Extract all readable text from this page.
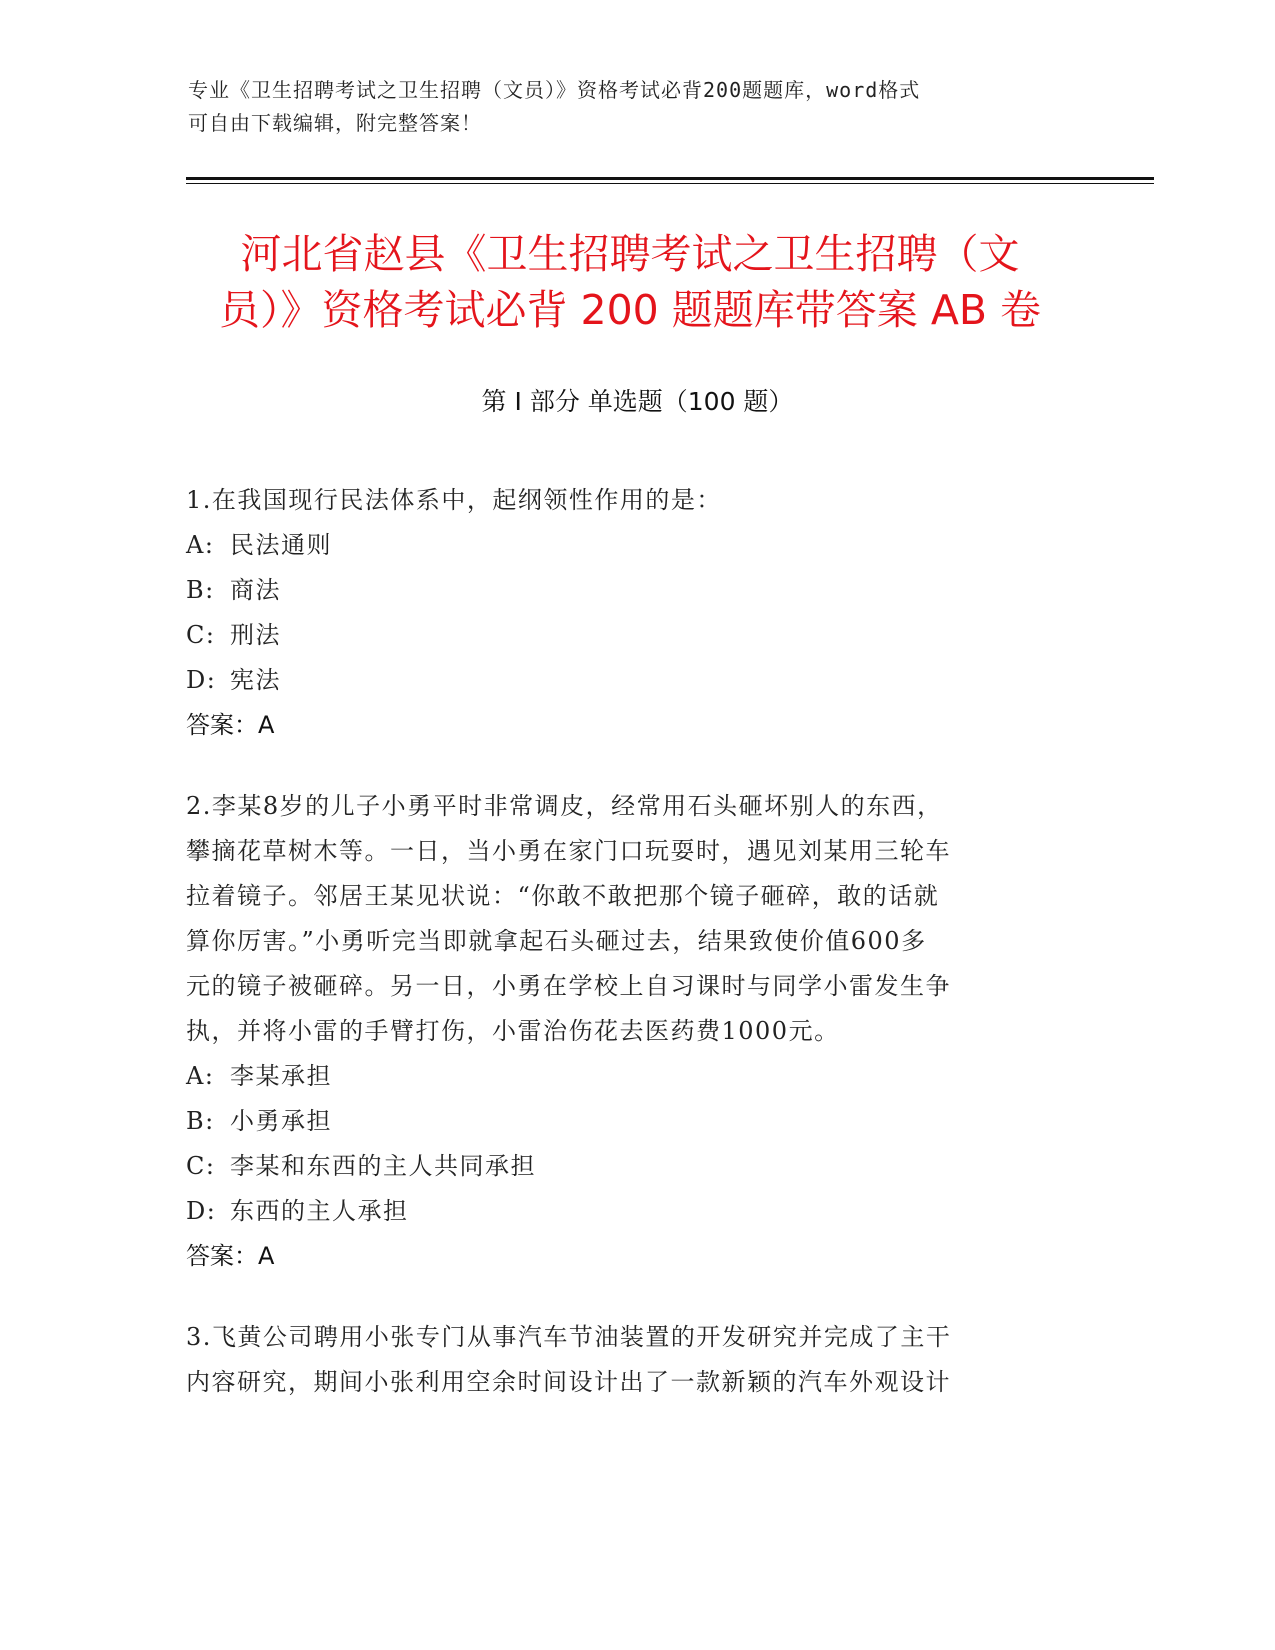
专业《卫生招聘考试之卫生招聘（文员）》资格考试必背200题题库，word格式
可自由下载编辑，附完整答案！
河北省赵县《卫生招聘考试之卫生招聘（文
员）》资格考试必背 200 题题库带答案 AB 卷
第 I 部分 单选题（100 题）

1.在我国现行民法体系中，起纲领性作用的是：

A: 民法通则

B: 商法

C: 刑法

D: 宪法

答案：A

2.李某8岁的儿子小勇平时非常调皮，经常用石头砸坏别人的东西，

攀摘花草树木等。一日，当小勇在家门口玩耍时，遇见刘某用三轮车

拉着镜子。邻居王某见状说：“你敢不敢把那个镜子砸碎，敢的话就

算你厉害。”小勇听完当即就拿起石头砸过去，结果致使价值600多

元的镜子被砸碎。另一日，小勇在学校上自习课时与同学小雷发生争

执，并将小雷的手臂打伤，小雷治伤花去医药费1000元。

A: 李某承担

B: 小勇承担

C: 李某和东西的主人共同承担

D: 东西的主人承担

答案：A

3.飞黄公司聘用小张专门从事汽车节油装置的开发研究并完成了主干

内容研究，期间小张利用空余时间设计出了一款新颖的汽车外观设计
